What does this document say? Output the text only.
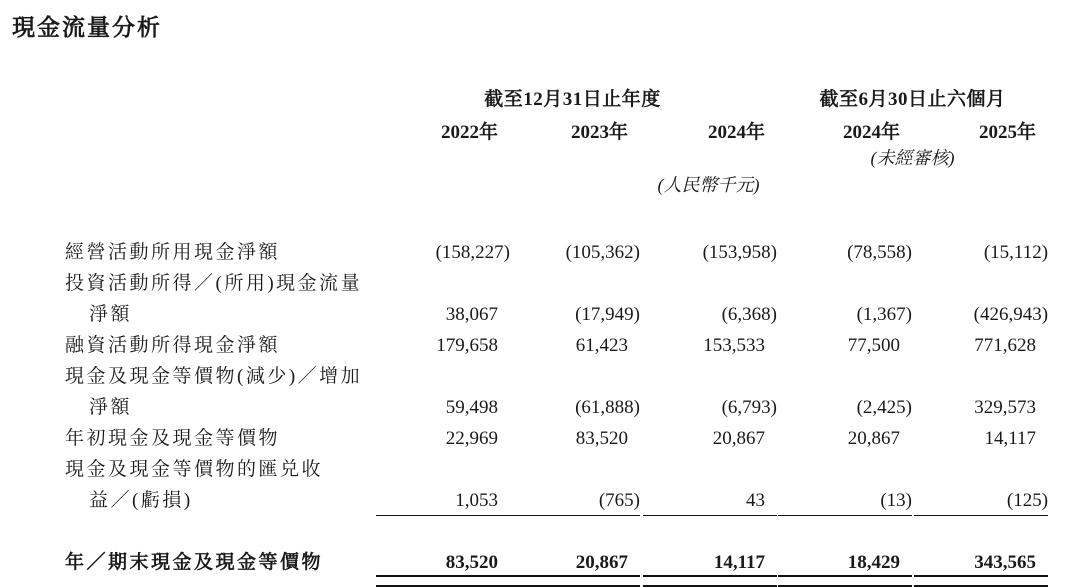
現金流量分析
	截至12月31日止年度			截至6月30日止六個月	
	2022年	2023年	2024年	2024年	2025年
				(未經審核)	
			(人民幣千元)		

經營活動所用現金淨額	(158,227)	(105,362)	(153,958)	(78,558)	(15,112)
投資活動所得／(所用)現金流量					
淨額	38,067	(17,949)	(6,368)	(1,367)	(426,943)
融資活動所得現金淨額	179,658	61,423	153,533	77,500	771,628
現金及現金等價物(減少)／增加					
淨額	59,498	(61,888)	(6,793)	(2,425)	329,573
年初現金及現金等價物	22,969	83,520	20,867	20,867	14,117
現金及現金等價物的匯兑收					
益／(虧損)	1,053	(765)	43	(13)	(125)

年／期末現金及現金等價物	83,520	20,867	14,117	18,429	343,565
